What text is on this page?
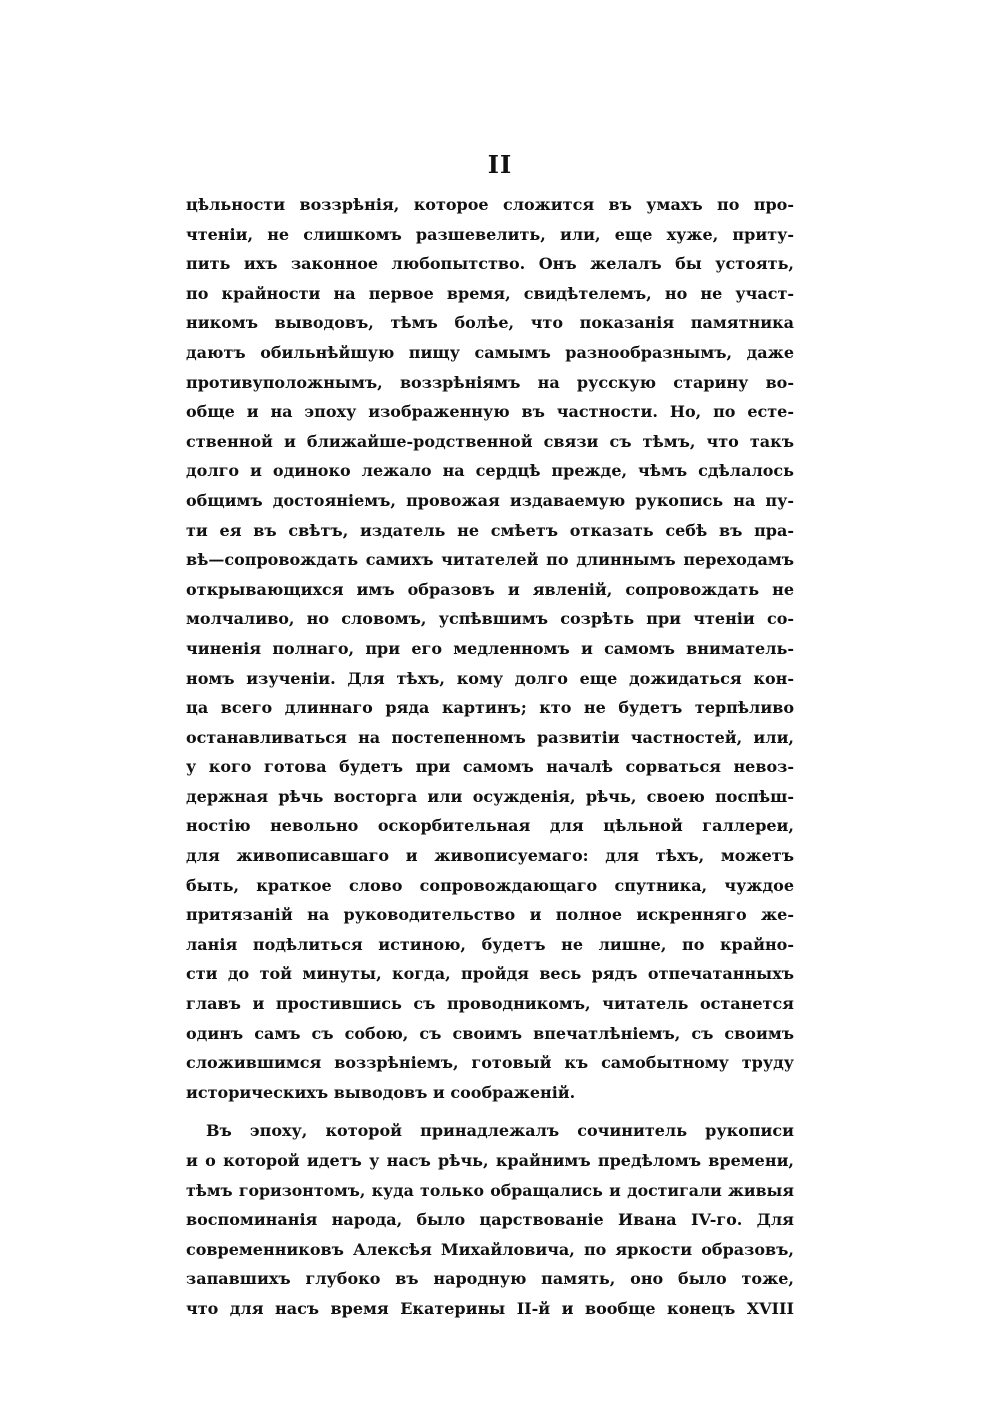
II
цѣльности воззрѣнія, которое сложится въ умахъ по про-
чтеніи, не слишкомъ разшевелить, или, еще хуже, приту-
пить ихъ законное любопытство. Онъ желалъ бы устоять,
по крайности на первое время, свидѣтелемъ, но не участ-
никомъ выводовъ, тѣмъ болѣе, что показанія памятника
даютъ обильнѣйшую пищу самымъ разнообразнымъ, даже
противуположнымъ, воззрѣніямъ на русскую старину во-
обще и на эпоху изображенную въ частности. Но, по есте-
ственной и ближайше-родственной связи съ тѣмъ, что такъ
долго и одиноко лежало на сердцѣ прежде, чѣмъ сдѣлалось
общимъ достояніемъ, провожая издаваемую рукопись на пу-
ти ея въ свѣтъ, издатель не смѣетъ отказать себѣ въ пра-
вѣ—сопровождать самихъ читателей по длиннымъ переходамъ
открывающихся имъ образовъ и явленій, сопровождать не
молчаливо, но словомъ, успѣвшимъ созрѣть при чтеніи со-
чиненія полнаго, при его медленномъ и самомъ вниматель-
номъ изученіи. Для тѣхъ, кому долго еще дожидаться кон-
ца всего длиннаго ряда картинъ; кто не будетъ терпѣливо
останавливаться на постепенномъ развитіи частностей, или,
у кого готова будетъ при самомъ началѣ сорваться невоз-
держная рѣчь восторга или осужденія, рѣчь, своею поспѣш-
ностію невольно оскорбительная для цѣльной галлереи,
для живописавшаго и живописуемаго: для тѣхъ, можетъ
быть, краткое слово сопровождающаго спутника, чуждое
притязаній на руководительство и полное искренняго же-
ланія подѣлиться истиною, будетъ не лишне, по крайно-
сти до той минуты, когда, пройдя весь рядъ отпечатанныхъ
главъ и простившись съ проводникомъ, читатель останется
одинъ самъ съ собою, съ своимъ впечатлѣніемъ, съ своимъ
сложившимся воззрѣніемъ, готовый къ самобытному труду
историческихъ выводовъ и соображеній.
Въ эпоху, которой принадлежалъ сочинитель рукописи
и о которой идетъ у насъ рѣчь, крайнимъ предѣломъ времени,
тѣмъ горизонтомъ, куда только обращались и достигали живыя
воспоминанія народа, было царствованіе Ивана IV-го. Для
современниковъ Алексѣя Михайловича, по яркости образовъ,
запавшихъ глубоко въ народную память, оно было тоже,
что для насъ время Екатерины II-й и вообще конецъ XVIII
